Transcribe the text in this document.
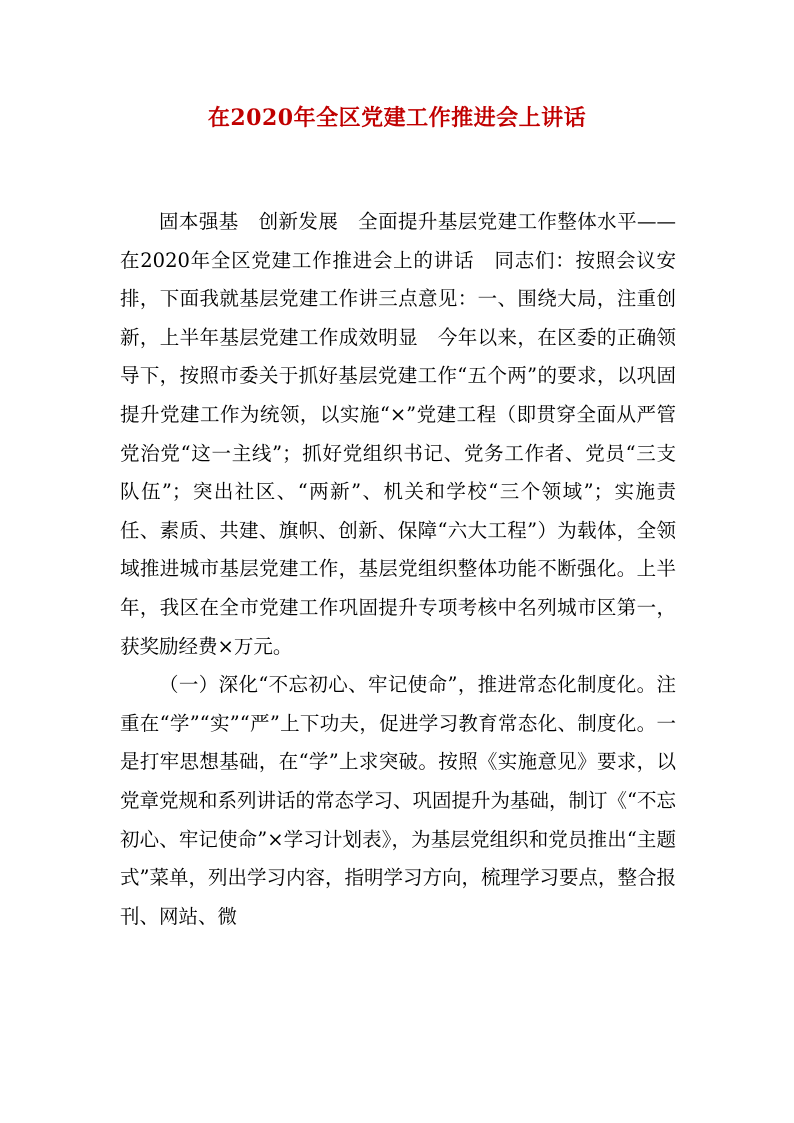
在2020年全区党建工作推进会上讲话

固本强基　创新发展　全面提升基层党建工作整体水平——在2020年全区党建工作推进会上的讲话　同志们：按照会议安排，下面我就基层党建工作讲三点意见：一、围绕大局，注重创新，上半年基层党建工作成效明显　今年以来，在区委的正确领导下，按照市委关于抓好基层党建工作“五个两”的要求，以巩固提升党建工作为统领，以实施“×”党建工程（即贯穿全面从严管党治党“这一主线”；抓好党组织书记、党务工作者、党员“三支队伍”；突出社区、“两新”、机关和学校“三个领域”；实施责任、素质、共建、旗帜、创新、保障“六大工程”）为载体，全领域推进城市基层党建工作，基层党组织整体功能不断强化。上半年，我区在全市党建工作巩固提升专项考核中名列城市区第一，获奖励经费×万元。

（一）深化“不忘初心、牢记使命”，推进常态化制度化。注重在“学”“实”“严”上下功夫，促进学习教育常态化、制度化。一是打牢思想基础，在“学”上求突破。按照《实施意见》要求，以党章党规和系列讲话的常态学习、巩固提升为基础，制订《“不忘初心、牢记使命”×学习计划表》，为基层党组织和党员推出“主题式”菜单，列出学习内容，指明学习方向，梳理学习要点，整合报刊、网站、微
